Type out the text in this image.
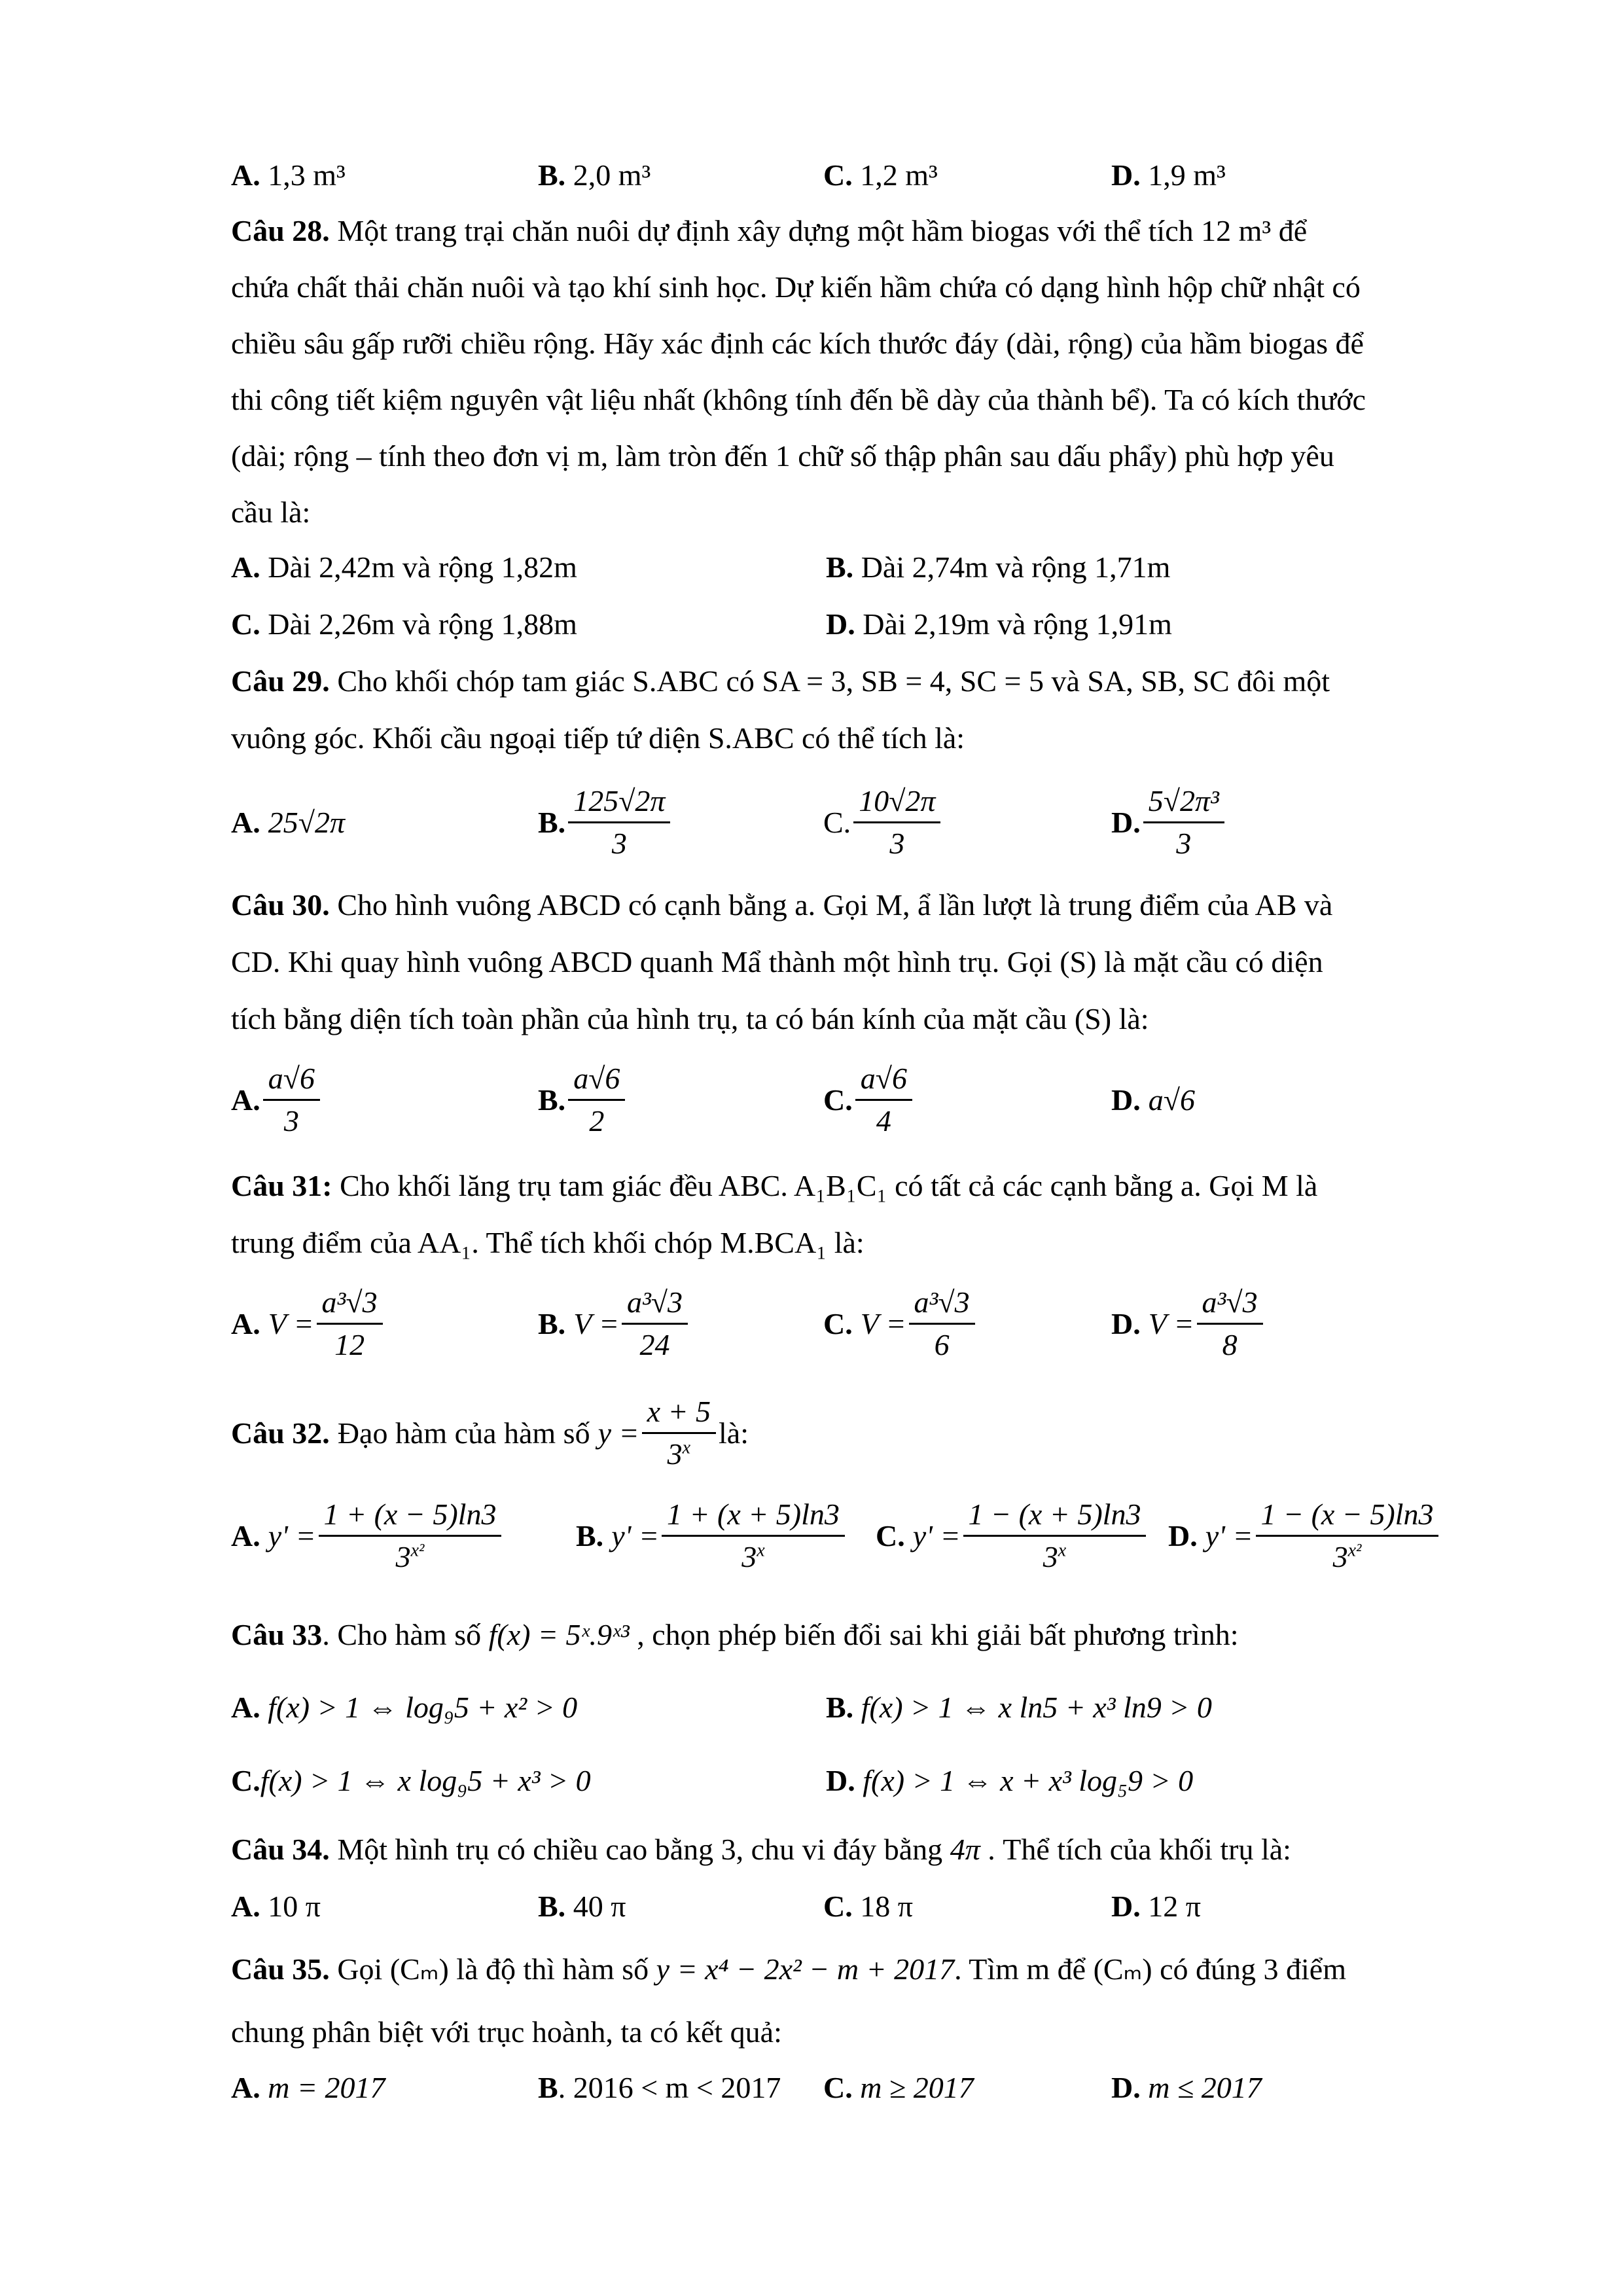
A. 1,3 m³	B. 2,0 m³	C. 1,2 m³	D. 1,9 m³
Câu 28. Một trang trại chăn nuôi dự định xây dựng một hầm biogas với thể tích 12 m³ để
chứa chất thải chăn nuôi và tạo khí sinh học. Dự kiến hầm chứa có dạng hình hộp chữ nhật có
chiều sâu gấp rưỡi chiều rộng. Hãy xác định các kích thước đáy (dài, rộng) của hầm biogas để
thi công tiết kiệm nguyên vật liệu nhất (không tính đến bề dày của thành bể). Ta có kích thước
(dài; rộng – tính theo đơn vị m, làm tròn đến 1 chữ số thập phân sau dấu phẩy) phù hợp yêu
cầu là:
A. Dài 2,42m và rộng 1,82m	B. Dài 2,74m và rộng 1,71m
C. Dài 2,26m và rộng 1,88m	D. Dài 2,19m và rộng 1,91m
Câu 29. Cho khối chóp tam giác S.ABC có SA = 3, SB = 4, SC = 5 và SA, SB, SC đôi một
vuông góc. Khối cầu ngoại tiếp tứ diện S.ABC có thể tích là:
A. 25√2π	B. $\frac{125√2\pi}{3}$	C. $\frac{10√2\pi}{3}$	D. $\frac{\text{5√2π³}}{3}$
Câu 30. Cho hình vuông ABCD có cạnh bằng a. Gọi M, ẩ lần lượt là trung điểm của AB và
CD. Khi quay hình vuông ABCD quanh Mẩ thành một hình trụ. Gọi (S) là mặt cầu có diện
tích bằng diện tích toàn phần của hình trụ, ta có bán kính của mặt cầu (S) là:
A. $\frac{a√6}{3}$	B. $\frac{a√6}{2}$	C. $\frac{a√6}{4}$	D. a√6
Câu 31: Cho khối lăng trụ tam giác đều ABC. A₁B₁C₁ có tất cả các cạnh bằng a. Gọi M là
trung điểm của AA₁. Thể tích khối chóp M.BCA₁ là:
A. $V = \frac{\text{a³√3}}{12}$	B. $V = \frac{\text{a³√3}}{24}$	C. $V = \frac{\text{a³√3}}{6}$	D. $V = \frac{\text{a³√3}}{8}$
Câu 32. Đạo hàm của hàm số $y = \frac{x + 5}{3^x}$ là:
A. $y' = \frac{1 + (x - 5)\ln 3}{3^{x^2}} B$. $y' = \frac{1 + (x + 5)\ln 3}{3^x} C$. $y' = \frac{1 - (x + 5)\ln 3}{3^x} D$. $y' = \frac{1 - (x - 5)\ln 3}{3^{x^2}}$
Câu 33. Cho hàm số f(x) = 5ˣ.9ˣ³ , chọn phép biến đổi sai khi giải bất phương trình:
A. f(x) > 1 ⇔ log₉5 + x² > 0	B. f(x) > 1 ⇔ x ln5 + x³ ln9 > 0
C.f(x) > 1 ⇔ x log₉5 + x³ > 0	D. f(x) > 1 ⇔ x + x³ log₅9 > 0
Câu 34. Một hình trụ có chiều cao bằng 3, chu vi đáy bằng 4π . Thể tích của khối trụ là:
A. 10 π	B. 40 π	C. 18 π	D. 12 π
Câu 35. Gọi (Cₘ) là độ thì hàm số y = x⁴ − 2x² − m + 2017. Tìm m để (Cₘ) có đúng 3 điểm
chung phân biệt với trục hoành, ta có kết quả:
A. m = 2017	B. 2016 < m < 2017 C. m ≥ 2017	D. m ≤ 2017
